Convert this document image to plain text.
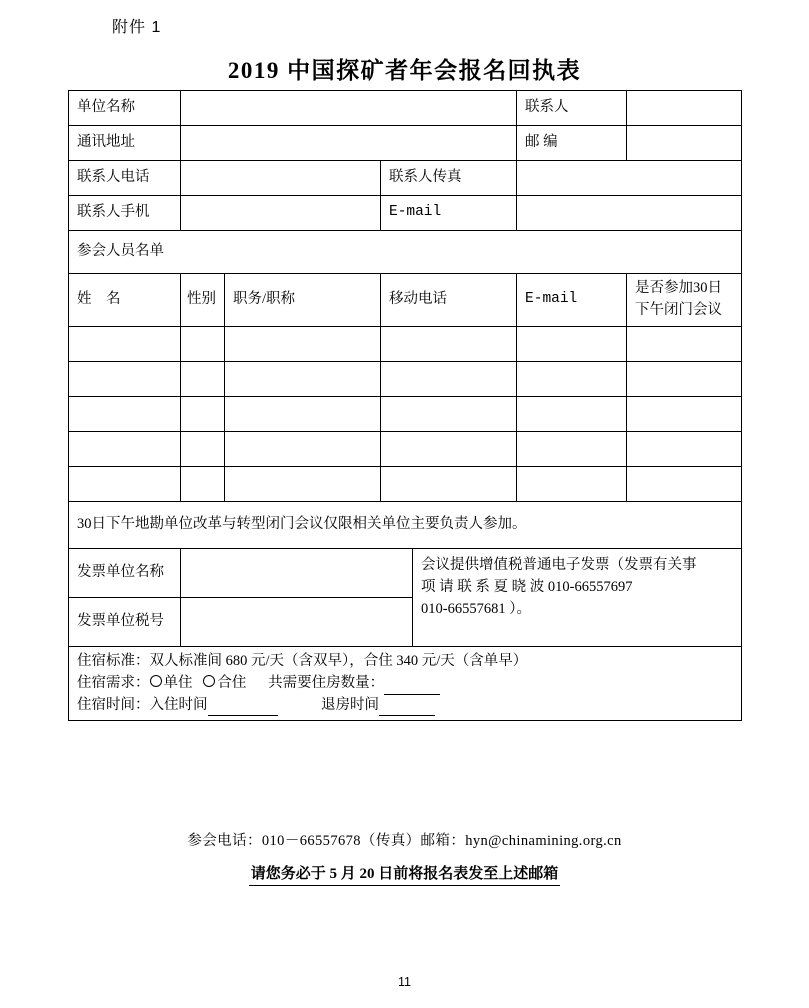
附件 1
2019 中国探矿者年会报名回执表
单位名称					联系人	
通讯地址					邮 编	
联系人电话			联系人传真			
联系人手机			E-mail			
参会人员名单						
姓　名	性别	职务/职称	移动电话		E-mail	是否参加30日
下午闭门会议

30日下午地勘单位改革与转型闭门会议仅限相关单位主要负责人参加。						
发票单位名称				会议提供增值税普通电子发票（发票有关事
项 请 联 系 夏 晓 波 010-66557697
010-66557681 ）。		
发票单位税号						

住宿标准：双人标准间 680 元/天（含双早），合住 340 元/天（含单早）
住宿需求： 单住 合住 共需要住房数量：
住宿时间：入住时间 退房时间						
参会电话：010－66557678（传真）邮箱：hyn@chinamining.org.cn
请您务必于 5 月 20 日前将报名表发至上述邮箱
11
